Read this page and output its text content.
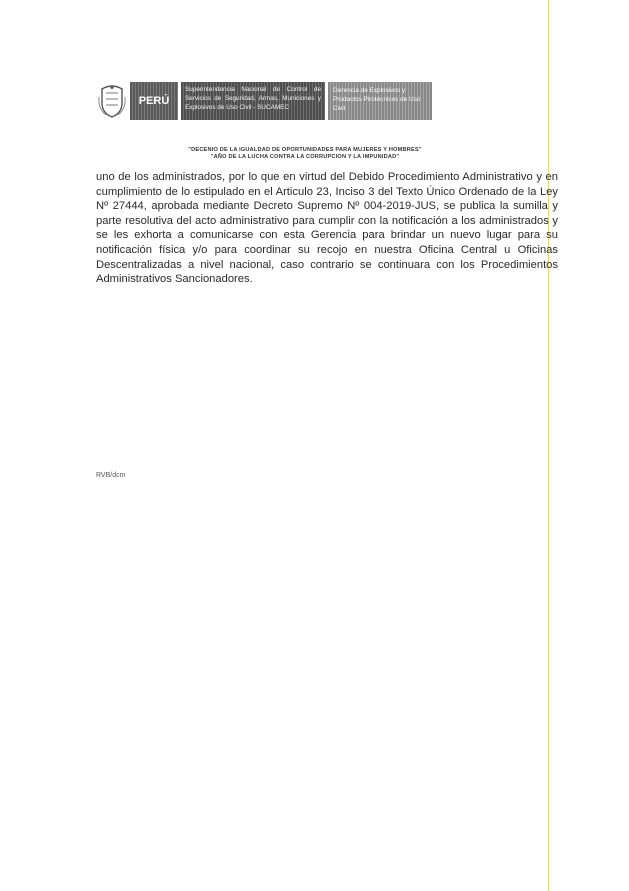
PERÚ
Superintendencia Nacional de Control de Servicios de Seguridad, Armas, Municiones y Explosivos de Uso Civil - SUCAMEC
Gerencia de Explosivos y Productos Pirotécnicos de Uso Civil
"DECENIO DE LA IGUALDAD DE OPORTUNIDADES PARA MUJERES Y HOMBRES"
"AÑO DE LA LUCHA CONTRA LA CORRUPCION Y LA IMPUNIDAD"
uno de los administrados, por lo que en virtud del Debido Procedimiento Administrativo y en cumplimiento de lo estipulado en el Articulo 23, Inciso 3 del Texto Único Ordenado de la Ley Nº 27444, aprobada mediante Decreto Supremo Nº 004-2019-JUS, se publica la sumilla y parte resolutiva del acto administrativo para cumplir con la notificación a los administrados y se les exhorta a comunicarse con esta Gerencia para brindar un nuevo lugar para su notificación física y/o para coordinar su recojo en nuestra Oficina Central u Oficinas Descentralizadas a nivel nacional, caso contrario se continuara con los Procedimientos Administrativos Sancionadores.
RVB/dcm
